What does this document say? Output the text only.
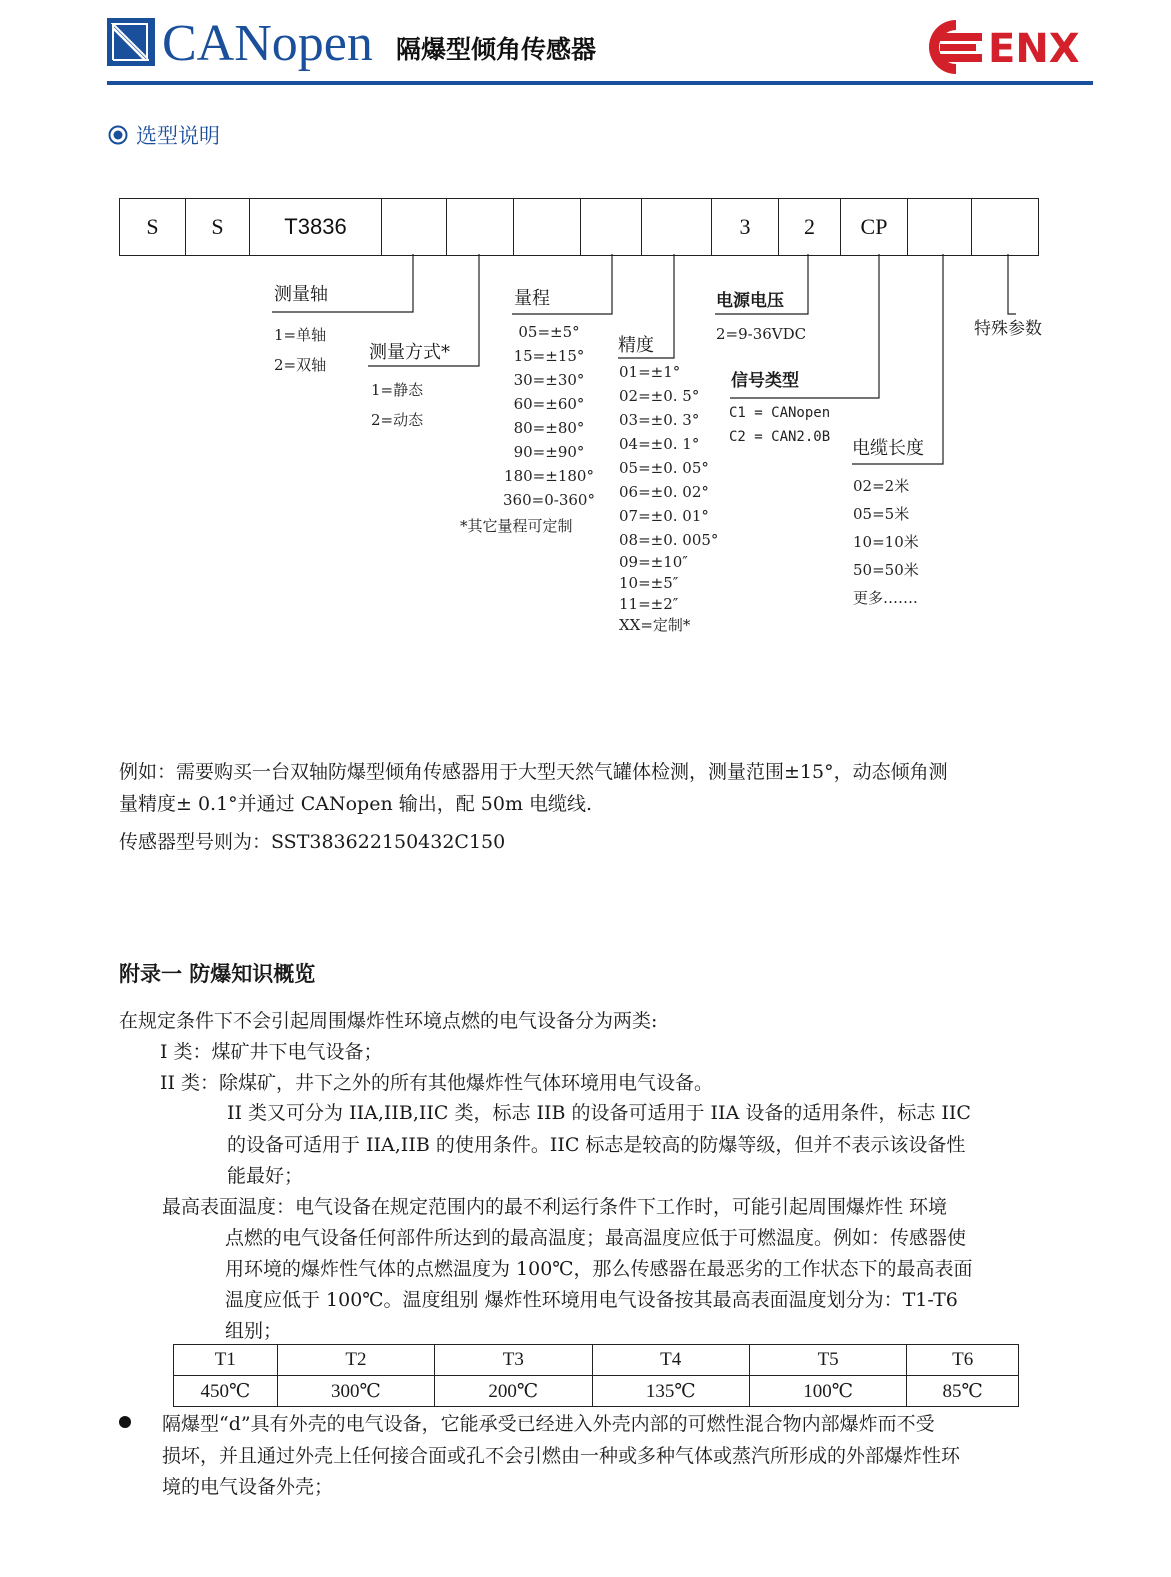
CANopen 隔爆型倾角传感器	ENX
选型说明
S	S	T3836	3	2	CP
测量轴
1=单轴
2=双轴
测量方式*
1=静态
2=动态
量程
05=±5°
15=±15°
30=±30°
60=±60°
80=±80°
90=±90°
180=±180°
360=0-360°
*其它量程可定制
精度
01=±1°
02=±0. 5°
03=±0. 3°
04=±0. 1°
05=±0. 05°
06=±0. 02°
07=±0. 01°
08=±0. 005°
09=±10″
10=±5″
11=±2″
XX=定制*
电源电压
2=9-36VDC
信号类型
C1 = CANopen
C2 = CAN2.0B
电缆长度
02=2米
05=5米
10=10米
50=50米
更多…….
特殊参数
例如：需要购买一台双轴防爆型倾角传感器用于大型天然气罐体检测，测量范围±15°，动态倾角测
量精度± 0.1°并通过 CANopen 输出，配 50m 电缆线.
传感器型号则为：SST383622150432C150
附录一 防爆知识概览
在规定条件下不会引起周围爆炸性环境点燃的电气设备分为两类:
I 类：煤矿井下电气设备；
II 类：除煤矿，井下之外的所有其他爆炸性气体环境用电气设备。
II 类又可分为 IIA,IIB,IIC 类，标志 IIB 的设备可适用于 IIA 设备的适用条件，标志 IIC
的设备可适用于 IIA,IIB 的使用条件。IIC 标志是较高的防爆等级，但并不表示该设备性
能最好；
最高表面温度：电气设备在规定范围内的最不利运行条件下工作时，可能引起周围爆炸性 环境
点燃的电气设备任何部件所达到的最高温度；最高温度应低于可燃温度。例如：传感器使
用环境的爆炸性气体的点燃温度为 100℃，那么传感器在最恶劣的工作状态下的最高表面
温度应低于 100℃。温度组别 爆炸性环境用电气设备按其最高表面温度划分为：T1-T6
组别；
T1	T2	T3	T4	T5	T6
450℃	300℃	200℃	135℃	100℃	85℃
隔爆型“d”具有外壳的电气设备，它能承受已经进入外壳内部的可燃性混合物内部爆炸而不受
损坏，并且通过外壳上任何接合面或孔不会引燃由一种或多种气体或蒸汽所形成的外部爆炸性环
境的电气设备外壳；
